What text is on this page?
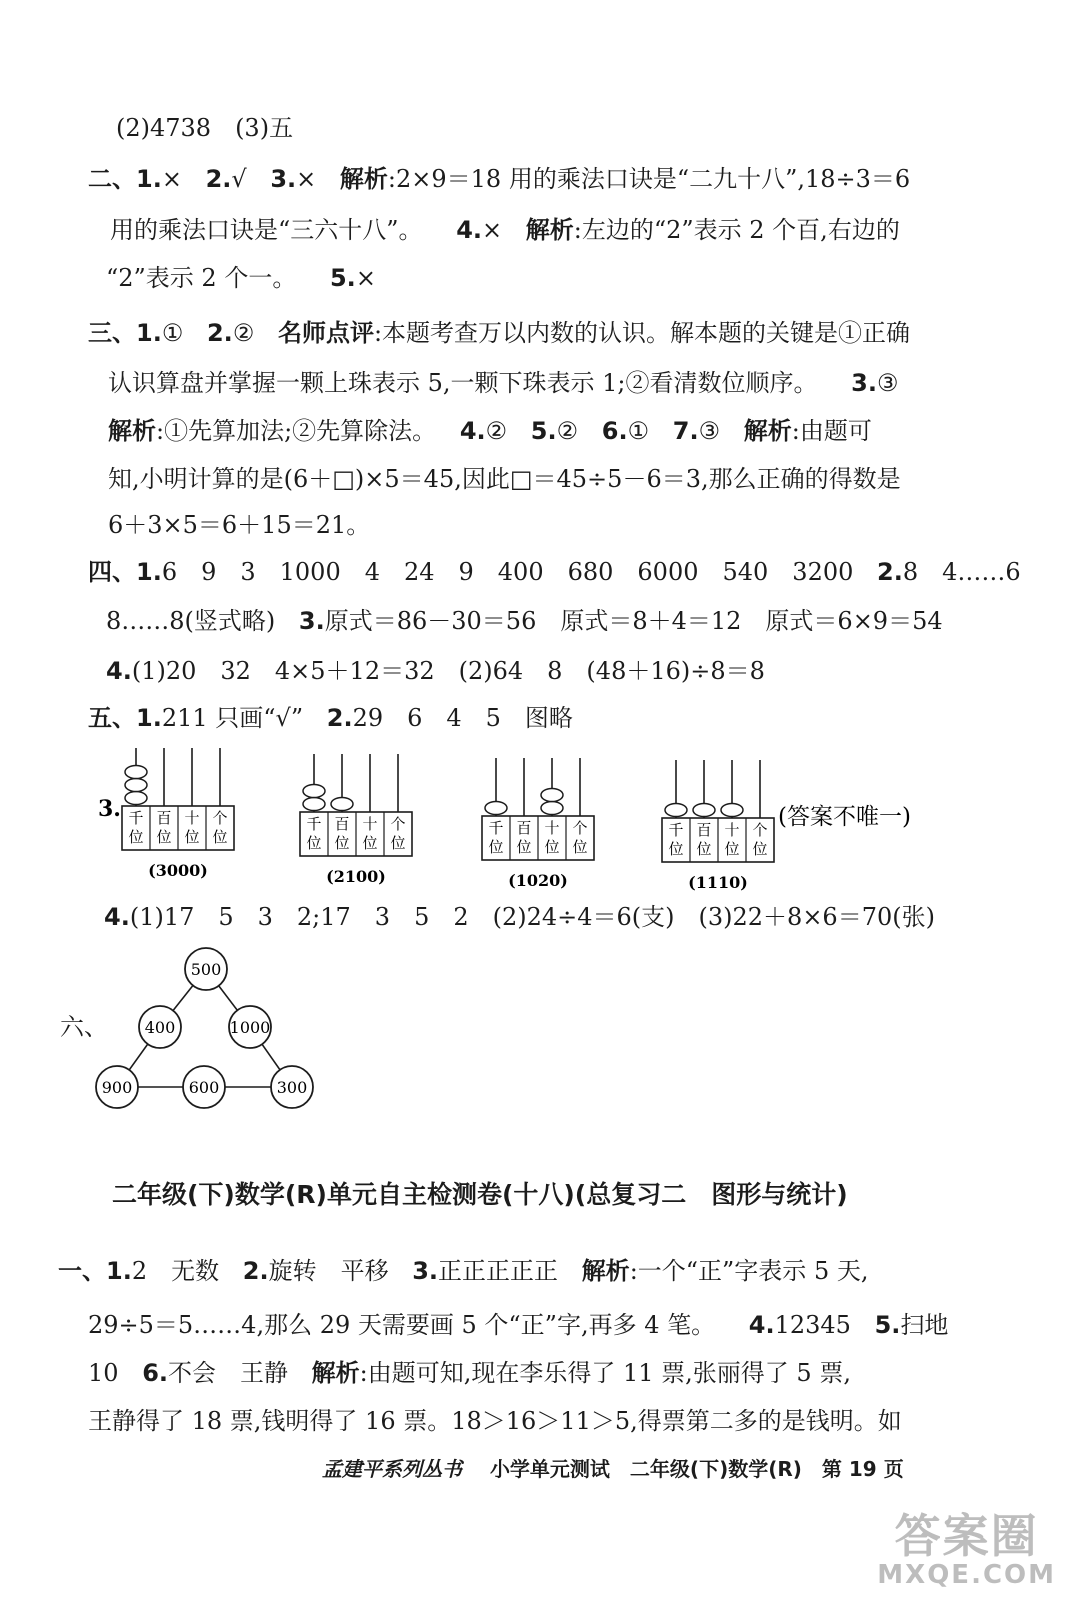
(2)4738　(3)五
二、1.× 2.√ 3.× 解析:2×9＝18 用的乘法口诀是“二九十八”,18÷3＝6
用的乘法口诀是“三六十八”。 4.× 解析:左边的“2”表示 2 个百,右边的
“2”表示 2 个一。 5.×
三、1.① 2.② 名师点评:本题考查万以内数的认识。解本题的关键是①正确
认识算盘并掌握一颗上珠表示 5,一颗下珠表示 1;②看清数位顺序。 3.③
解析:①先算加法;②先算除法。 4.② 5.② 6.① 7.③ 解析:由题可
知,小明计算的是(6＋□)×5＝45,因此□＝45÷5－6＝3,那么正确的得数是
6＋3×5＝6＋15＝21。
四、1.6　9　3　1000　4　24　9　400　680　6000　540　3200 2.8　4……6
8……8(竖式略) 3.原式＝86－30＝56　原式＝8＋4＝12　原式＝6×9＝54
4.(1)20　32　4×5＋12＝32　(2)64　8　(48＋16)÷8＝8
五、1.211 只画“√” 2.29　6　4　5　图略
3.	(答案不唯一)
千
位
百
位
十
位
个
位
(3000)
千
位
百
位
十
位
个
位
(2100)
千
位
百
位
十
位
个
位
(1020)
千
位
百
位
十
位
个
位
(1110)
4.(1)17　5　3　2;17　3　5　2　(2)24÷4＝6(支)　(3)22＋8×6＝70(张)
六、
500
400	1000
900	600	300
二年级(下)数学(R)单元自主检测卷(十八)(总复习二　图形与统计)
一、1.2　无数 2.旋转　平移 3.正正正正正 解析:一个“正”字表示 5 天,
29÷5＝5……4,那么 29 天需要画 5 个“正”字,再多 4 笔。 4.12345 5.扫地
10 6.不会　王静 解析:由题可知,现在李乐得了 11 票,张丽得了 5 票,
王静得了 18 票,钱明得了 16 票。18＞16＞11＞5,得票第二多的是钱明。如
孟建平系列丛书 小学单元测试　二年级(下)数学(R)　第 19 页
答案圈
MXQE.COM
